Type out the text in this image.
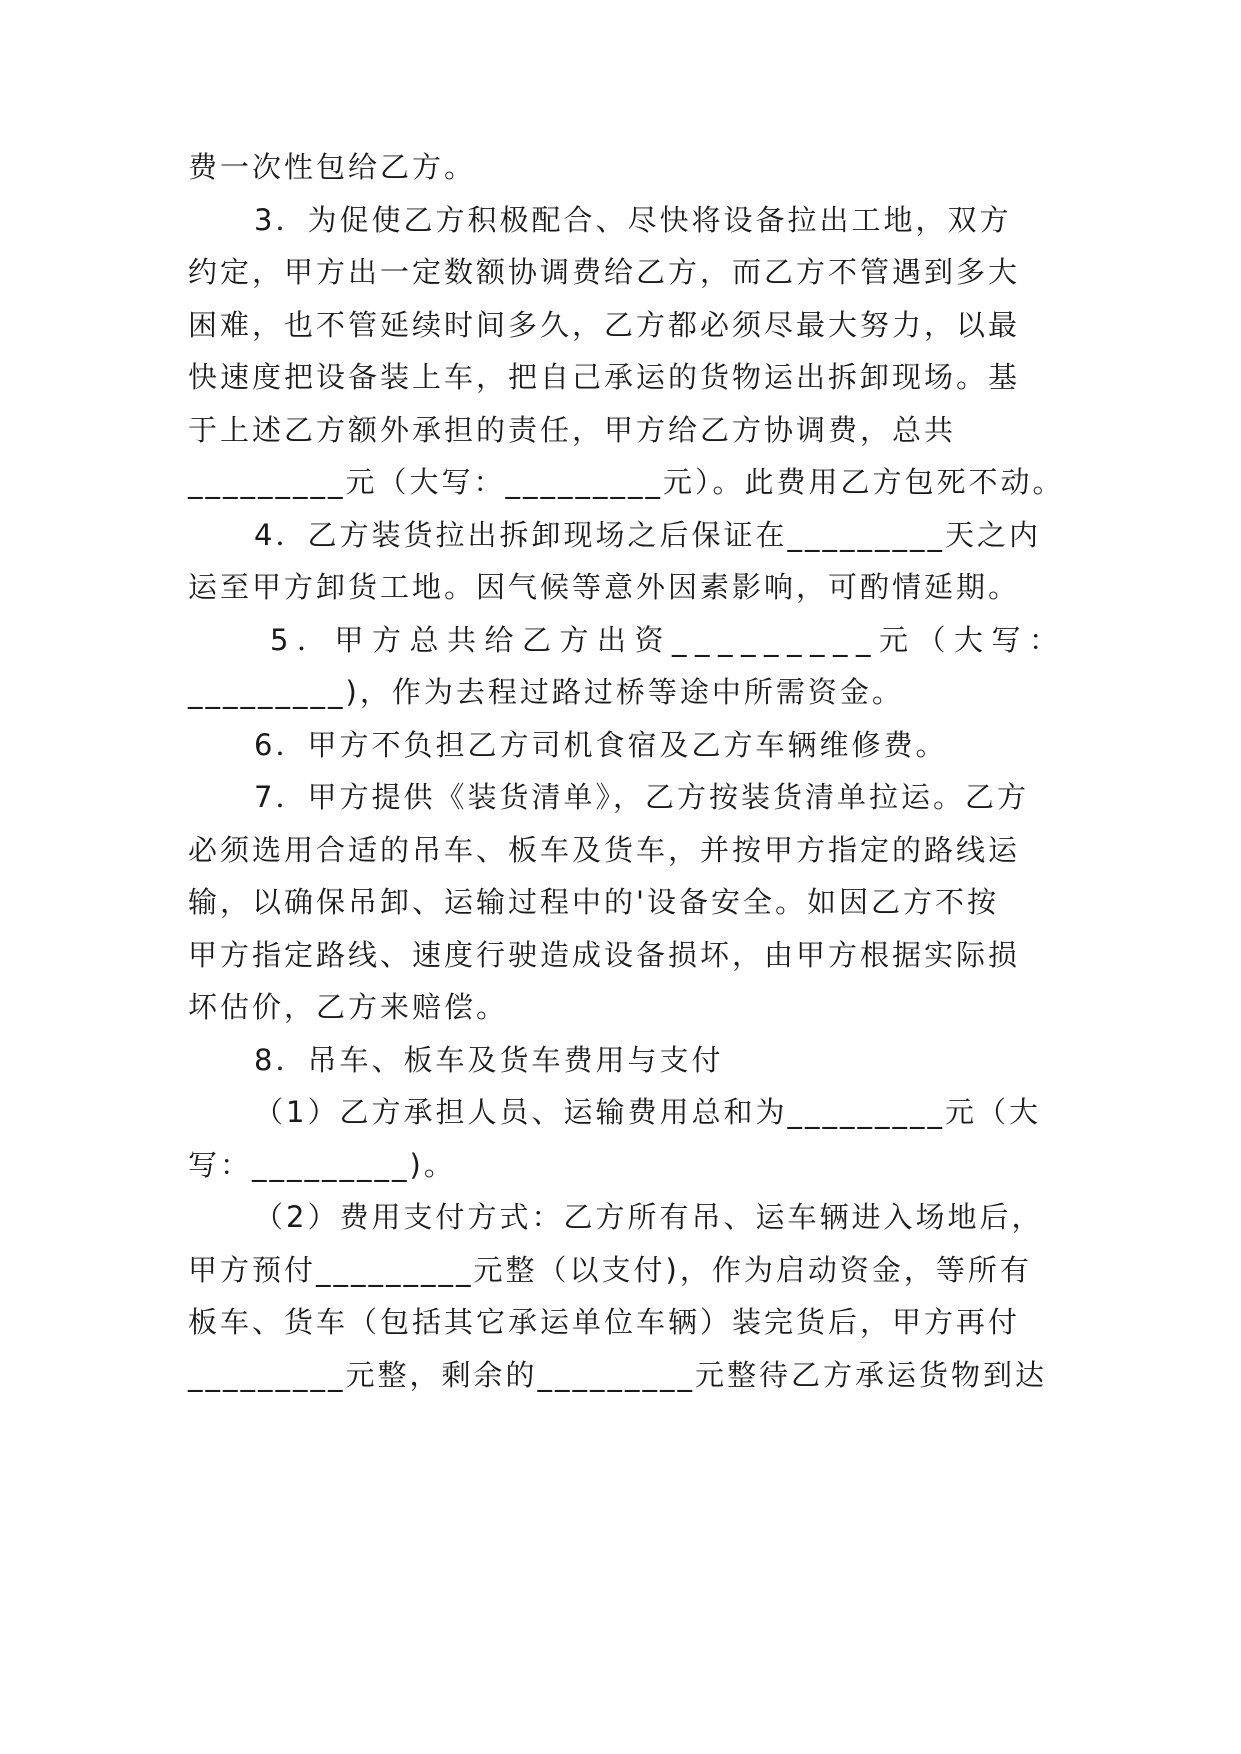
费一次性包给乙方。
3．为促使乙方积极配合、尽快将设备拉出工地，双方
约定，甲方出一定数额协调费给乙方，而乙方不管遇到多大
困难，也不管延续时间多久，乙方都必须尽最大努力，以最
快速度把设备装上车，把自己承运的货物运出拆卸现场。基
于上述乙方额外承担的责任，甲方给乙方协调费，总共
_________元（大写：_________元）。此费用乙方包死不动。
4．乙方装货拉出拆卸现场之后保证在_________天之内
运至甲方卸货工地。因气候等意外因素影响，可酌情延期。
5．甲方总共给乙方出资_________元（大写：
_________)，作为去程过路过桥等途中所需资金。
6．甲方不负担乙方司机食宿及乙方车辆维修费。
7．甲方提供《装货清单》，乙方按装货清单拉运。乙方
必须选用合适的吊车、板车及货车，并按甲方指定的路线运
输，以确保吊卸、运输过程中的'设备安全。如因乙方不按
甲方指定路线、速度行驶造成设备损坏，由甲方根据实际损
坏估价，乙方来赔偿。
8．吊车、板车及货车费用与支付
（1）乙方承担人员、运输费用总和为_________元（大
写：_________)。
（2）费用支付方式：乙方所有吊、运车辆进入场地后，
甲方预付_________元整（以支付)，作为启动资金，等所有
板车、货车（包括其它承运单位车辆）装完货后，甲方再付
_________元整，剩余的_________元整待乙方承运货物到达
